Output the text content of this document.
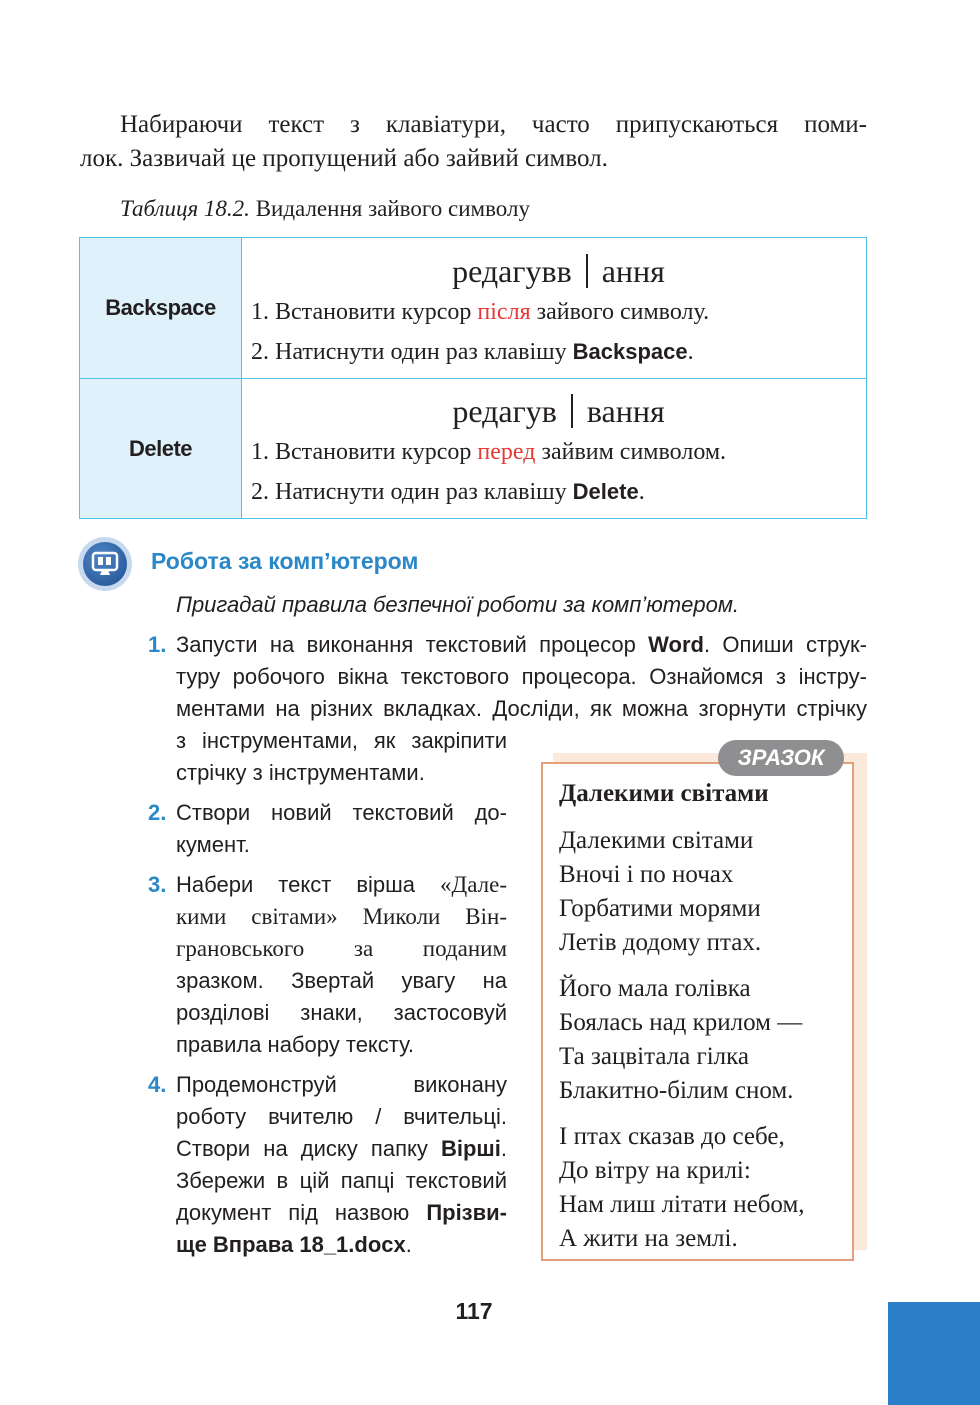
Набираючи текст з клавіатури, часто припускаються поми-
лок. Зазвичай це пропущений або зайвий символ.
Таблиця 18.2. Видалення зайвого символу
Backspace	редагувв ання
1. Встановити курсор після зайвого символу.
2. Натиснути один раз клавішу Backspace.

Delete	редагув вання
1. Встановити курсор перед зайвим символом.
2. Натиснути один раз клавішу Delete.
Робота за комп’ютером
Пригадай правила безпечної роботи за комп’ютером.
1. Запусти на виконання текстовий процесор Word. Опиши струк-
туру робочого вікна текстового процесора. Ознайомся з інстру-
ментами на різних вкладках. Досліди, як можна згорнути стрічку
з інструментами, як закріпити
стрічку з інструментами.
2. Створи новий текстовий до-
кумент.
3. Набери текст вірша «Дале-
кими світами» Миколи Він-
грановського за поданим
зразком. Звертай увагу на
розділові знаки, застосовуй
правила набору тексту.
4. Продемонструй виконану
роботу вчителю / вчительці.
Створи на диску папку Вірші.
Збережи в цій папці текстовий
документ під назвою Прізви-
ще Вправа 18_1.docx.
ЗРАЗОК
Далекими світами
Далекими світами
Вночі і по ночах
Горбатими морями
Летів додому птах.
Його мала голівка
Боялась над крилом —
Та зацвітала гілка
Блакитно-білим сном.
І птах сказав до себе,
До вітру на крилі:
Нам лиш літати небом,
А жити на землі.
117
